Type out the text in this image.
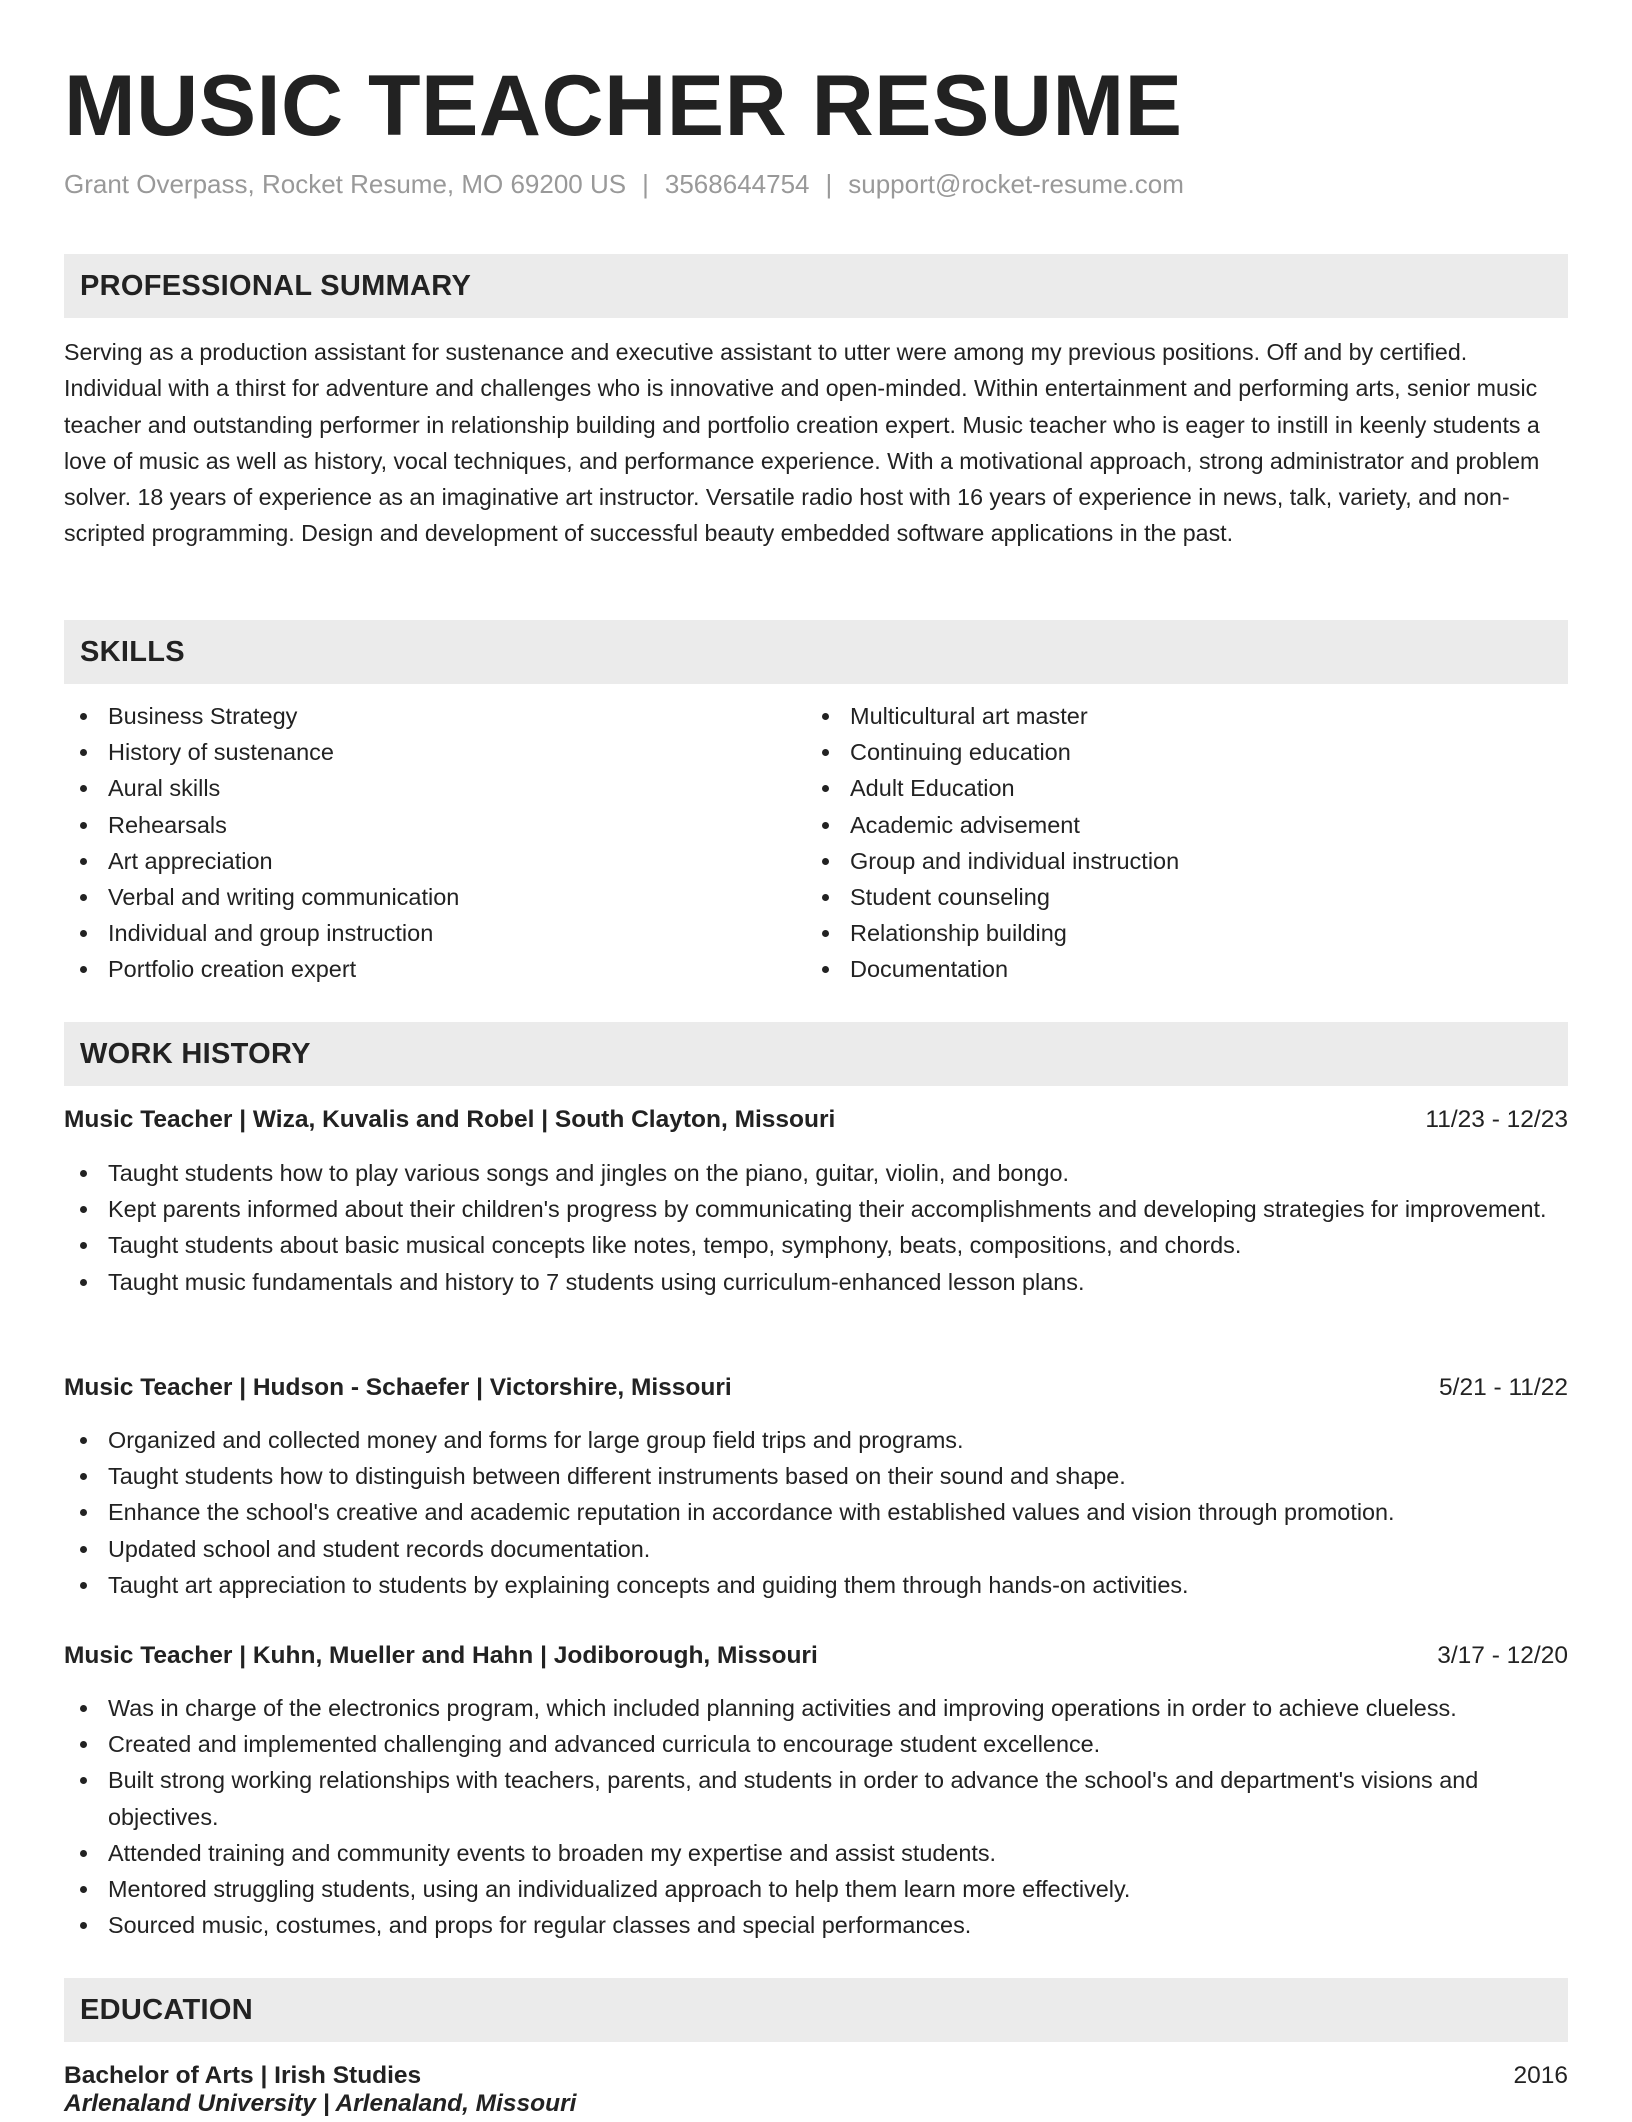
MUSIC TEACHER RESUME
Grant Overpass, Rocket Resume, MO 69200 US | 3568644754 | support@rocket-resume.com
PROFESSIONAL SUMMARY

Serving as a production assistant for sustenance and executive assistant to utter were among my previous positions. Off and by certified. Individual with a thirst for adventure and challenges who is innovative and open-minded. Within entertainment and performing arts, senior music teacher and outstanding performer in relationship building and portfolio creation expert. Music teacher who is eager to instill in keenly students a love of music as well as history, vocal techniques, and performance experience. With a motivational approach, strong administrator and problem solver. 18 years of experience as an imaginative art instructor. Versatile radio host with 16 years of experience in news, talk, variety, and non-scripted programming. Design and development of successful beauty embedded software applications in the past.

SKILLS
Business Strategy
History of sustenance
Aural skills
Rehearsals
Art appreciation
Verbal and writing communication
Individual and group instruction
Portfolio creation expert
Multicultural art master
Continuing education
Adult Education
Academic advisement
Group and individual instruction
Student counseling
Relationship building
Documentation
WORK HISTORY
Music Teacher | Wiza, Kuvalis and Robel | South Clayton, Missouri	11/23 - 12/23
Taught students how to play various songs and jingles on the piano, guitar, violin, and bongo.
Kept parents informed about their children's progress by communicating their accomplishments and developing strategies for improvement.
Taught students about basic musical concepts like notes, tempo, symphony, beats, compositions, and chords.
Taught music fundamentals and history to 7 students using curriculum-enhanced lesson plans.
Music Teacher | Hudson - Schaefer | Victorshire, Missouri	5/21 - 11/22
Organized and collected money and forms for large group field trips and programs.
Taught students how to distinguish between different instruments based on their sound and shape.
Enhance the school's creative and academic reputation in accordance with established values and vision through promotion.
Updated school and student records documentation.
Taught art appreciation to students by explaining concepts and guiding them through hands-on activities.
Music Teacher | Kuhn, Mueller and Hahn | Jodiborough, Missouri	3/17 - 12/20
Was in charge of the electronics program, which included planning activities and improving operations in order to achieve clueless.
Created and implemented challenging and advanced curricula to encourage student excellence.
Built strong working relationships with teachers, parents, and students in order to advance the school's and department's visions and objectives.
Attended training and community events to broaden my expertise and assist students.
Mentored struggling students, using an individualized approach to help them learn more effectively.
Sourced music, costumes, and props for regular classes and special performances.
EDUCATION
Bachelor of Arts | Irish Studies	2016
Arlenaland University | Arlenaland, Missouri
